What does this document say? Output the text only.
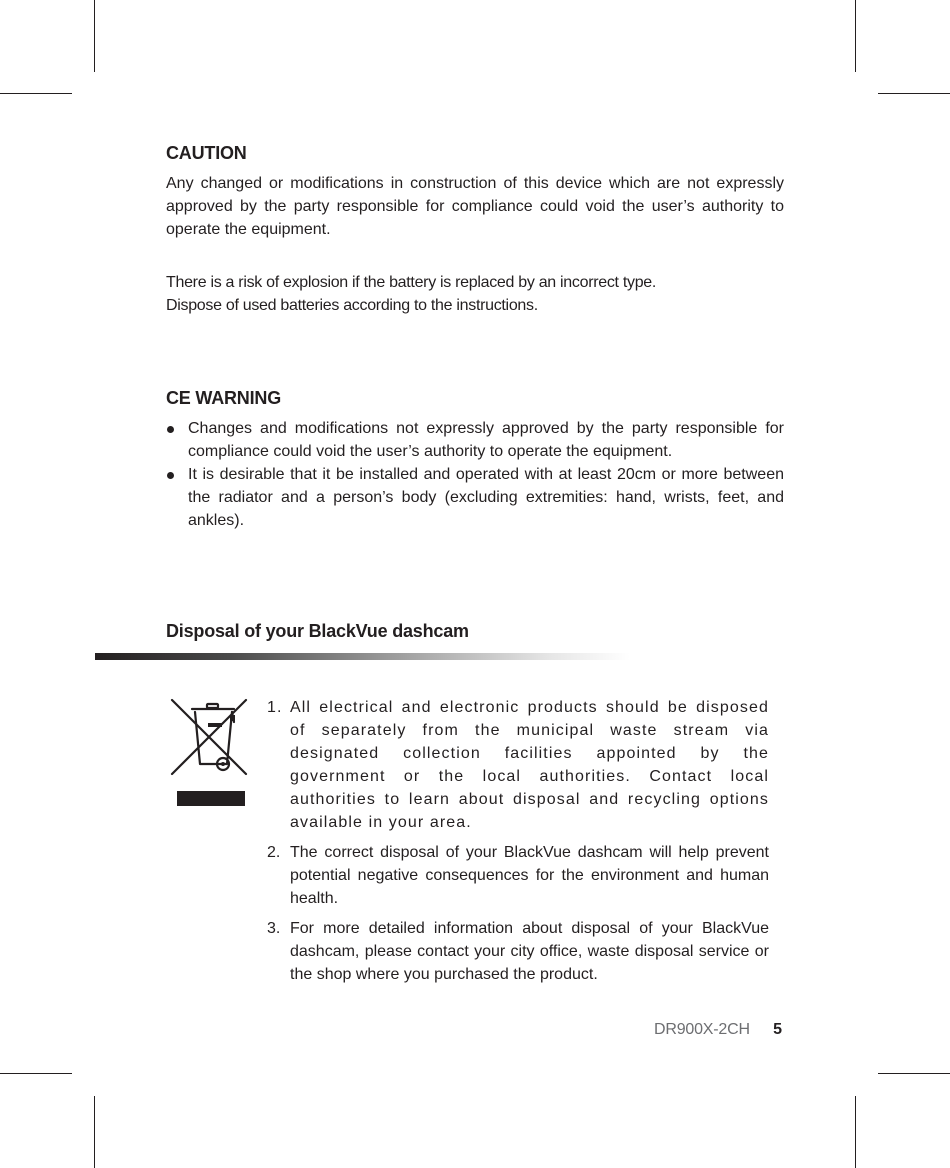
CAUTION

Any changed or modifications in construction of this device which are not expressly approved by the party responsible for compliance could void the user’s authority to operate the equipment.

There is a risk of explosion if the battery is replaced by an incorrect type.
Dispose of used batteries according to the instructions.
CE WARNING
Changes and modifications not expressly approved by the party responsible for compliance could void the user’s authority to operate the equipment.
It is desirable that it be installed and operated with at least 20cm or more between the radiator and a person’s body (excluding extremities: hand, wrists, feet, and ankles).
Disposal of your BlackVue dashcam
1. All electrical and electronic products should be disposed of separately from the municipal waste stream via designated collection facilities appointed by the government or the local authorities. Contact local authorities to learn about disposal and recycling options available in your area.
2. The correct disposal of your BlackVue dashcam will help prevent potential negative consequences for the environment and human health.
3. For more detailed information about disposal of your BlackVue dashcam, please contact your city office, waste disposal service or the shop where you purchased the product.
DR900X-2CH 5
